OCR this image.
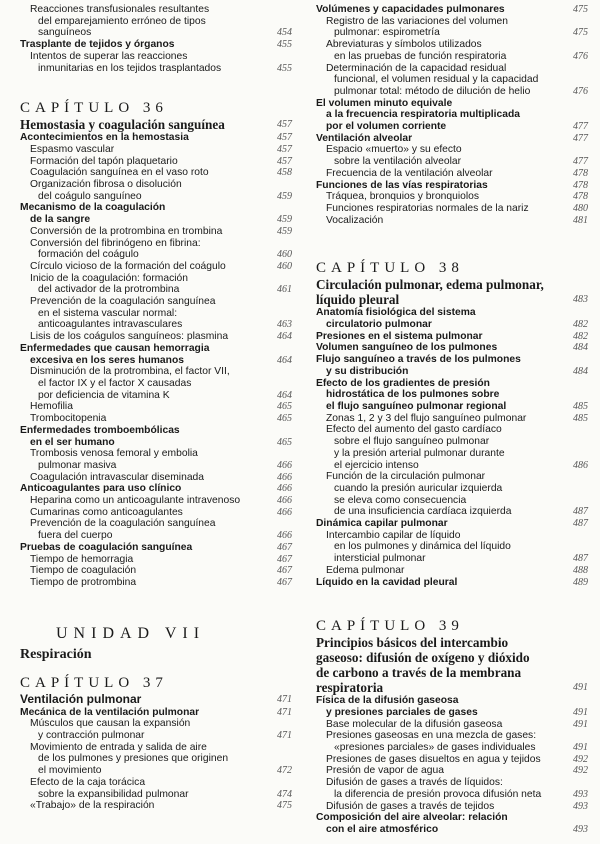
Reacciones transfusionales resultantes
del emparejamiento erróneo de tipos
sanguíneos	454
Trasplante de tejidos y órganos	455
Intentos de superar las reacciones
inmunitarias en los tejidos trasplantados	455
CAPÍTULO 36
Hemostasia y coagulación sanguínea	457
Acontecimientos en la hemostasia	457
Espasmo vascular	457
Formación del tapón plaquetario	457
Coagulación sanguínea en el vaso roto	458
Organización fibrosa o disolución
del coágulo sanguíneo	459
Mecanismo de la coagulación
de la sangre	459
Conversión de la protrombina en trombina	459
Conversión del fibrinógeno en fibrina:
formación del coágulo	460
Círculo vicioso de la formación del coágulo	460
Inicio de la coagulación: formación
del activador de la protrombina	461
Prevención de la coagulación sanguínea
en el sistema vascular normal:
anticoagulantes intravasculares	463
Lisis de los coágulos sanguíneos: plasmina	464
Enfermedades que causan hemorragia
excesiva en los seres humanos	464
Disminución de la protrombina, el factor VII,
el factor IX y el factor X causadas
por deficiencia de vitamina K	464
Hemofilia	465
Trombocitopenia	465
Enfermedades tromboembólicas
en el ser humano	465
Trombosis venosa femoral y embolia
pulmonar masiva	466
Coagulación intravascular diseminada	466
Anticoagulantes para uso clínico	466
Heparina como un anticoagulante intravenoso	466
Cumarinas como anticoagulantes	466
Prevención de la coagulación sanguínea
fuera del cuerpo	466
Pruebas de coagulación sanguínea	467
Tiempo de hemorragia	467
Tiempo de coagulación	467
Tiempo de protrombina	467
UNIDAD VII
Respiración
CAPÍTULO 37
Ventilación pulmonar	471
Mecánica de la ventilación pulmonar	471
Músculos que causan la expansión
y contracción pulmonar	471
Movimiento de entrada y salida de aire
de los pulmones y presiones que originen
el movimiento	472
Efecto de la caja torácica
sobre la expansibilidad pulmonar	474
«Trabajo» de la respiración	475
Volúmenes y capacidades pulmonares	475
Registro de las variaciones del volumen
pulmonar: espirometría	475
Abreviaturas y símbolos utilizados
en las pruebas de función respiratoria	476
Determinación de la capacidad residual
funcional, el volumen residual y la capacidad
pulmonar total: método de dilución de helio	476
El volumen minuto equivale
a la frecuencia respiratoria multiplicada
por el volumen corriente	477
Ventilación alveolar	477
Espacio «muerto» y su efecto
sobre la ventilación alveolar	477
Frecuencia de la ventilación alveolar	478
Funciones de las vías respiratorias	478
Tráquea, bronquios y bronquiolos	478
Funciones respiratorias normales de la nariz	480
Vocalización	481
CAPÍTULO 38
Circulación pulmonar, edema pulmonar,
líquido pleural	483
Anatomía fisiológica del sistema
circulatorio pulmonar	482
Presiones en el sistema pulmonar	482
Volumen sanguíneo de los pulmones	484
Flujo sanguíneo a través de los pulmones
y su distribución	484
Efecto de los gradientes de presión
hidrostática de los pulmones sobre
el flujo sanguíneo pulmonar regional	485
Zonas 1, 2 y 3 del flujo sanguíneo pulmonar	485
Efecto del aumento del gasto cardíaco
sobre el flujo sanguíneo pulmonar
y la presión arterial pulmonar durante
el ejercicio intenso	486
Función de la circulación pulmonar
cuando la presión auricular izquierda
se eleva como consecuencia
de una insuficiencia cardíaca izquierda	487
Dinámica capilar pulmonar	487
Intercambio capilar de líquido
en los pulmones y dinámica del líquido
intersticial pulmonar	487
Edema pulmonar	488
Líquido en la cavidad pleural	489
CAPÍTULO 39
Principios básicos del intercambio
gaseoso: difusión de oxígeno y dióxido
de carbono a través de la membrana
respiratoria	491
Física de la difusión gaseosa
y presiones parciales de gases	491
Base molecular de la difusión gaseosa	491
Presiones gaseosas en una mezcla de gases:
«presiones parciales» de gases individuales	491
Presiones de gases disueltos en agua y tejidos	492
Presión de vapor de agua	492
Difusión de gases a través de líquidos:
la diferencia de presión provoca difusión neta	493
Difusión de gases a través de tejidos	493
Composición del aire alveolar: relación
con el aire atmosférico	493
